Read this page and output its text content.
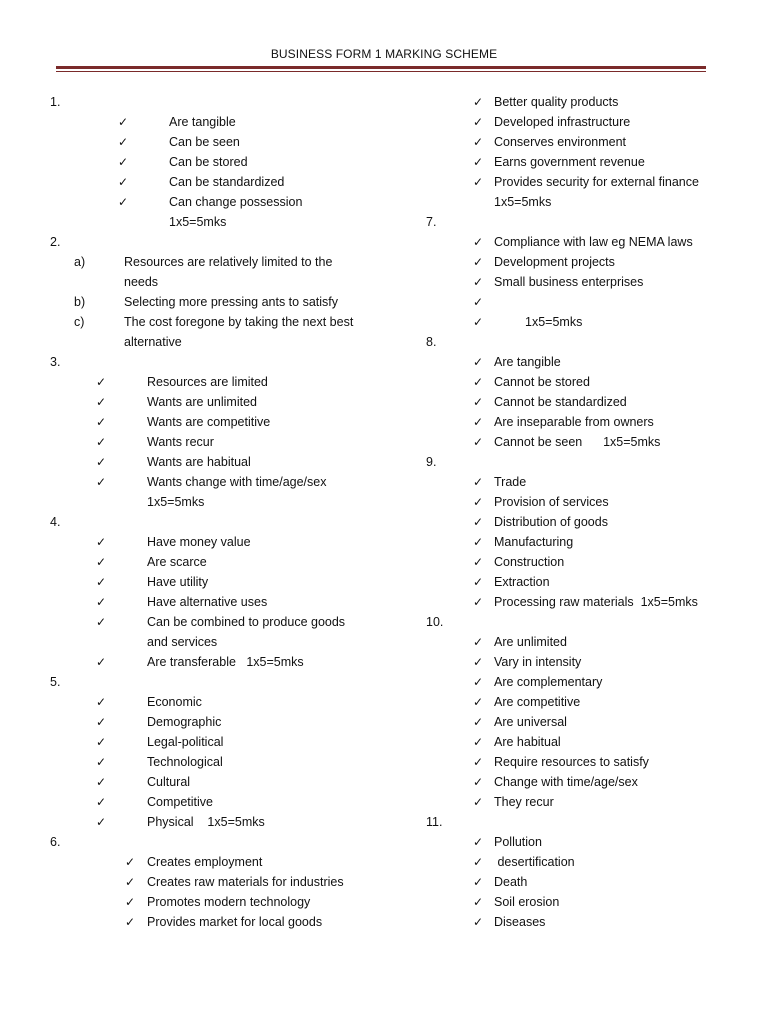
BUSINESS FORM 1 MARKING SCHEME
1.
✓	Are tangible
✓	Can be seen
✓	Can be stored
✓	Can be standardized
✓	Can change possession
1x5=5mks
2.
a)	Resources are relatively limited to the
needs
b)	Selecting more pressing ants to satisfy
c)	The cost foregone by taking the next best
alternative
3.
✓	Resources are limited
✓	Wants are unlimited
✓	Wants are competitive
✓	Wants recur
✓	Wants are habitual
✓	Wants change with time/age/sex
1x5=5mks
4.
✓	Have money value
✓	Are scarce
✓	Have utility
✓	Have alternative uses
✓	Can be combined to produce goods
and services
✓	Are transferable   1x5=5mks
5.
✓	Economic
✓	Demographic
✓	Legal-political
✓	Technological
✓	Cultural
✓	Competitive
✓	Physical    1x5=5mks
6.
✓ Creates employment
✓ Creates raw materials for industries
✓ Promotes modern technology
✓ Provides market for local goods
✓ Better quality products
✓ Developed infrastructure
✓ Conserves environment
✓ Earns government revenue
✓ Provides security for external finance
1x5=5mks
7.
✓ Compliance with law eg NEMA laws
✓ Development projects
✓ Small business enterprises
✓
✓	1x5=5mks
8.
✓ Are tangible
✓ Cannot be stored
✓ Cannot be standardized
✓ Are inseparable from owners
✓ Cannot be seen      1x5=5mks
9.
✓ Trade
✓ Provision of services
✓ Distribution of goods
✓ Manufacturing
✓ Construction
✓ Extraction
✓ Processing raw materials  1x5=5mks
10.
✓ Are unlimited
✓ Vary in intensity
✓ Are complementary
✓ Are competitive
✓ Are universal
✓ Are habitual
✓ Require resources to satisfy
✓ Change with time/age/sex
✓ They recur
11.
✓ Pollution
✓ desertification
✓ Death
✓ Soil erosion
✓ Diseases
